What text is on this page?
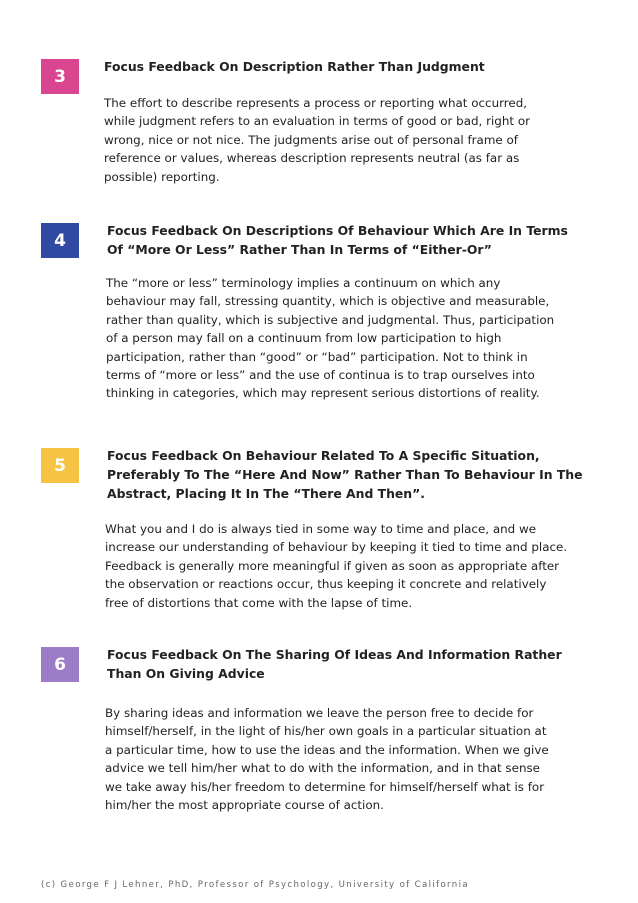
3	Focus Feedback On Description Rather Than Judgment

The effort to describe represents a process or reporting what occurred,
while judgment refers to an evaluation in terms of good or bad, right or
wrong, nice or not nice. The judgments arise out of personal frame of
reference or values, whereas description represents neutral (as far as
possible) reporting.

4	Focus Feedback On Descriptions Of Behaviour Which Are In Terms
Of “More Or Less” Rather Than In Terms of “Either-Or”

The “more or less” terminology implies a continuum on which any
behaviour may fall, stressing quantity, which is objective and measurable,
rather than quality, which is subjective and judgmental. Thus, participation
of a person may fall on a continuum from low participation to high
participation, rather than “good” or “bad” participation. Not to think in
terms of “more or less” and the use of continua is to trap ourselves into
thinking in categories, which may represent serious distortions of reality.

5	Focus Feedback On Behaviour Related To A Specific Situation,
Preferably To The “Here And Now” Rather Than To Behaviour In The
Abstract, Placing It In The “There And Then”.

What you and I do is always tied in some way to time and place, and we
increase our understanding of behaviour by keeping it tied to time and place.
Feedback is generally more meaningful if given as soon as appropriate after
the observation or reactions occur, thus keeping it concrete and relatively
free of distortions that come with the lapse of time.

6	Focus Feedback On The Sharing Of Ideas And Information Rather
Than On Giving Advice

By sharing ideas and information we leave the person free to decide for
himself/herself, in the light of his/her own goals in a particular situation at
a particular time, how to use the ideas and the information. When we give
advice we tell him/her what to do with the information, and in that sense
we take away his/her freedom to determine for himself/herself what is for
him/her the most appropriate course of action.

(c) George F J Lehner, PhD, Professor of Psychology, University of California
